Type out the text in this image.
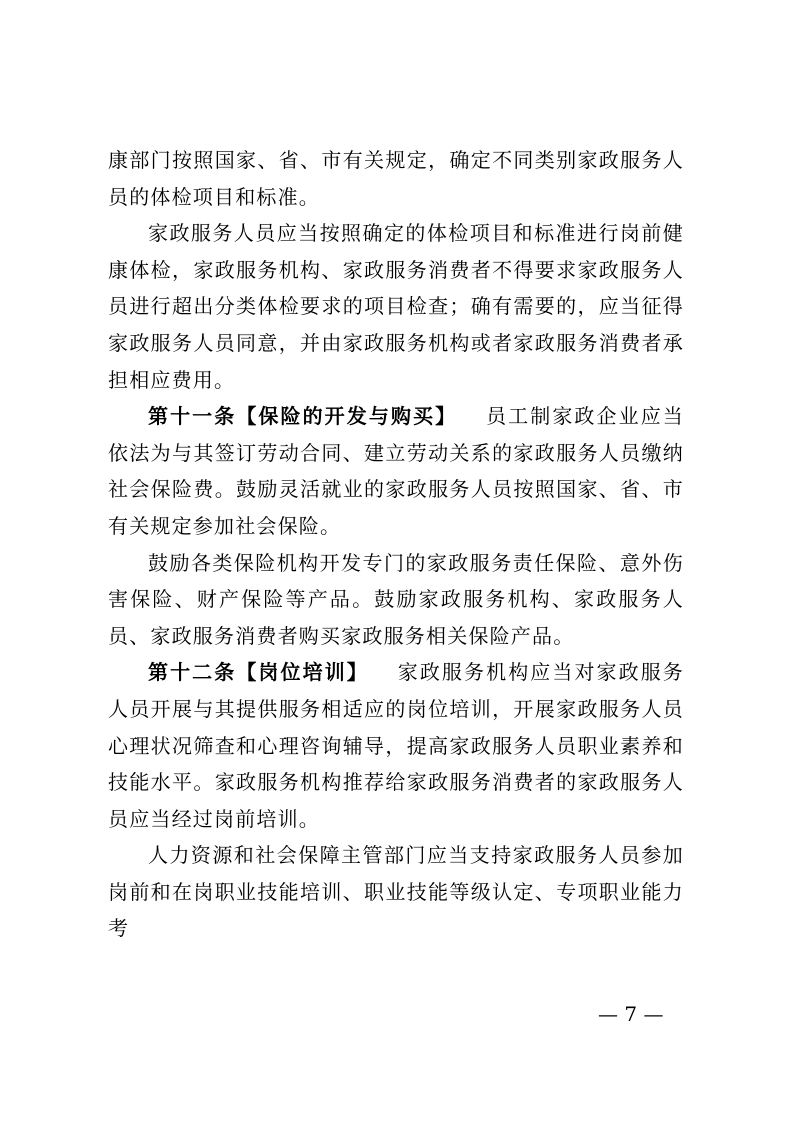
康部门按照国家、省、市有关规定，确定不同类别家政服务人员的体检项目和标准。

家政服务人员应当按照确定的体检项目和标准进行岗前健康体检，家政服务机构、家政服务消费者不得要求家政服务人员进行超出分类体检要求的项目检查；确有需要的，应当征得家政服务人员同意，并由家政服务机构或者家政服务消费者承担相应费用。

第十一条【保险的开发与购买】 员工制家政企业应当依法为与其签订劳动合同、建立劳动关系的家政服务人员缴纳社会保险费。鼓励灵活就业的家政服务人员按照国家、省、市有关规定参加社会保险。

鼓励各类保险机构开发专门的家政服务责任保险、意外伤害保险、财产保险等产品。鼓励家政服务机构、家政服务人员、家政服务消费者购买家政服务相关保险产品。

第十二条【岗位培训】 家政服务机构应当对家政服务人员开展与其提供服务相适应的岗位培训，开展家政服务人员心理状况筛查和心理咨询辅导，提高家政服务人员职业素养和技能水平。家政服务机构推荐给家政服务消费者的家政服务人员应当经过岗前培训。

人力资源和社会保障主管部门应当支持家政服务人员参加岗前和在岗职业技能培训、职业技能等级认定、专项职业能力考

— 7 —
